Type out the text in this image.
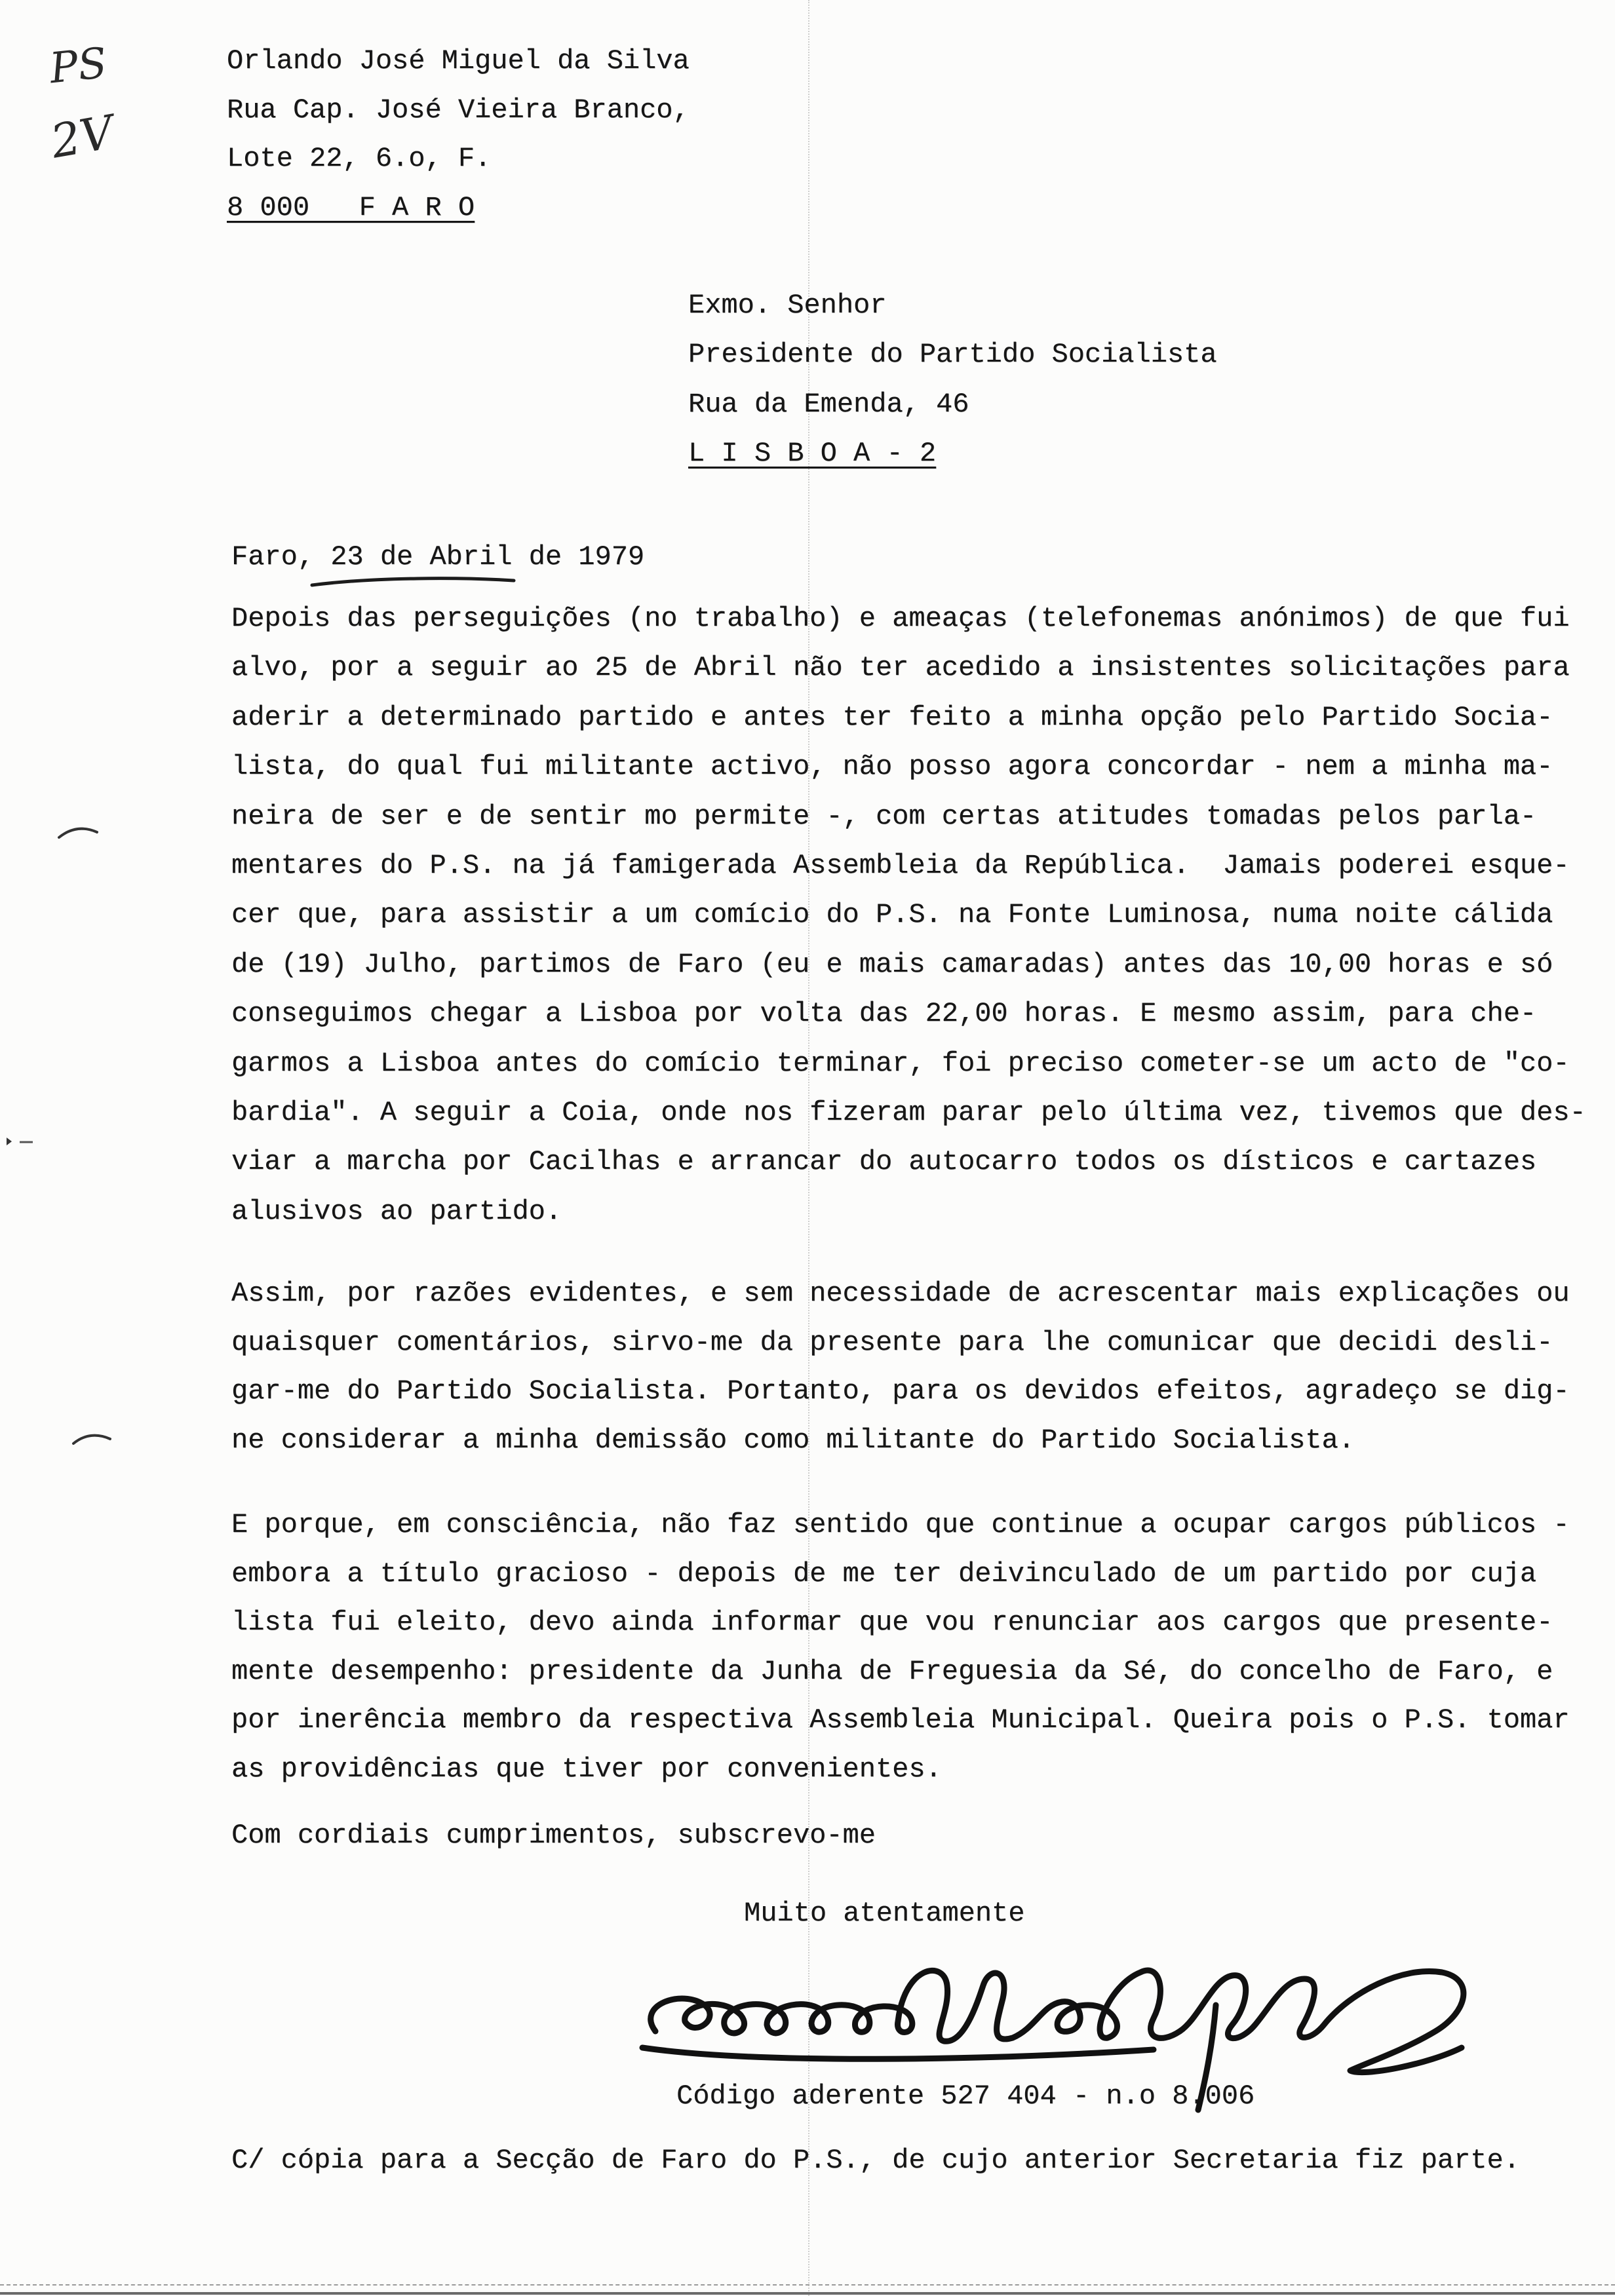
PS
2V
Orlando José Miguel da Silva
Rua Cap. José Vieira Branco,
Lote 22, 6.o, F.
8 000   F A R O
Exmo. Senhor
Presidente do Partido Socialista
Rua da Emenda, 46
L I S B O A - 2
Faro, 23 de Abril de 1979
Depois das perseguições (no trabalho) e ameaças (telefonemas anónimos) de que fui
alvo, por a seguir ao 25 de Abril não ter acedido a insistentes solicitações para
aderir a determinado partido e antes ter feito a minha opção pelo Partido Socia-
lista, do qual fui militante activo, não posso agora concordar - nem a minha ma-
neira de ser e de sentir mo permite -, com certas atitudes tomadas pelos parla-
mentares do P.S. na já famigerada Assembleia da República.  Jamais poderei esque-
cer que, para assistir a um comício do P.S. na Fonte Luminosa, numa noite cálida
de (19) Julho, partimos de Faro (eu e mais camaradas) antes das 10,00 horas e só
conseguimos chegar a Lisboa por volta das 22,00 horas. E mesmo assim, para che-
garmos a Lisboa antes do comício terminar, foi preciso cometer-se um acto de "co-
bardia". A seguir a Coia, onde nos fizeram parar pelo última vez, tivemos que des-
viar a marcha por Cacilhas e arrancar do autocarro todos os dísticos e cartazes
alusivos ao partido.
Assim, por razões evidentes, e sem necessidade de acrescentar mais explicações ou
quaisquer comentários, sirvo-me da presente para lhe comunicar que decidi desli-
gar-me do Partido Socialista. Portanto, para os devidos efeitos, agradeço se dig-
ne considerar a minha demissão como militante do Partido Socialista.
E porque, em consciência, não faz sentido que continue a ocupar cargos públicos -
embora a título gracioso - depois de me ter deivinculado de um partido por cuja
lista fui eleito, devo ainda informar que vou renunciar aos cargos que presente-
mente desempenho: presidente da Junha de Freguesia da Sé, do concelho de Faro, e
por inerência membro da respectiva Assembleia Municipal. Queira pois o P.S. tomar
as providências que tiver por convenientes.
Com cordiais cumprimentos, subscrevo-me
Muito atentamente
Código aderente 527 404 - n.o 8.006
C/ cópia para a Secção de Faro do P.S., de cujo anterior Secretaria fiz parte.
